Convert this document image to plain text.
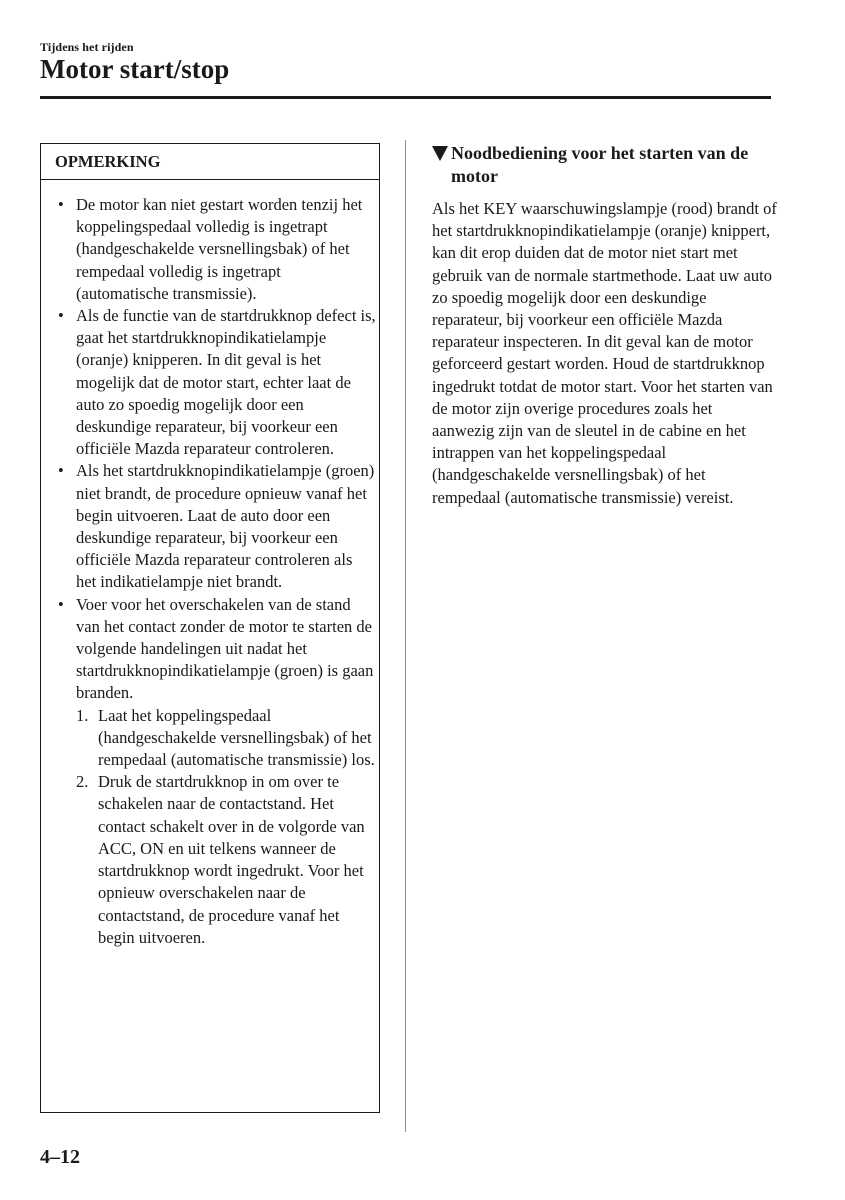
Tijdens het rijden
Motor start/stop
OPMERKING
• De motor kan niet gestart worden tenzij het koppelingspedaal volledig is ingetrapt (handgeschakelde versnellingsbak) of het rempedaal volledig is ingetrapt (automatische transmissie).
• Als de functie van de startdrukknop defect is, gaat het startdrukknopindikatielampje (oranje) knipperen. In dit geval is het mogelijk dat de motor start, echter laat de auto zo spoedig mogelijk door een deskundige reparateur, bij voorkeur een officiële Mazda reparateur controleren.
• Als het startdrukknopindikatielampje (groen) niet brandt, de procedure opnieuw vanaf het begin uitvoeren. Laat de auto door een deskundige reparateur, bij voorkeur een officiële Mazda reparateur controleren als het indikatielampje niet brandt.
• Voer voor het overschakelen van de stand van het contact zonder de motor te starten de volgende handelingen uit nadat het startdrukknopindikatielampje (groen) is gaan branden.
1. Laat het koppelingspedaal (handgeschakelde versnellingsbak) of het rempedaal (automatische transmissie) los.
2. Druk de startdrukknop in om over te schakelen naar de contactstand. Het contact schakelt over in de volgorde van ACC, ON en uit telkens wanneer de startdrukknop wordt ingedrukt. Voor het opnieuw overschakelen naar de contactstand, de procedure vanaf het begin uitvoeren.
Noodbediening voor het starten van de motor
Als het KEY waarschuwingslampje (rood) brandt of het startdrukknopindikatielampje (oranje) knippert, kan dit erop duiden dat de motor niet start met gebruik van de normale startmethode. Laat uw auto zo spoedig mogelijk door een deskundige reparateur, bij voorkeur een officiële Mazda reparateur inspecteren. In dit geval kan de motor geforceerd gestart worden. Houd de startdrukknop ingedrukt totdat de motor start. Voor het starten van de motor zijn overige procedures zoals het aanwezig zijn van de sleutel in de cabine en het intrappen van het koppelingspedaal (handgeschakelde versnellingsbak) of het rempedaal (automatische transmissie) vereist.
4–12
